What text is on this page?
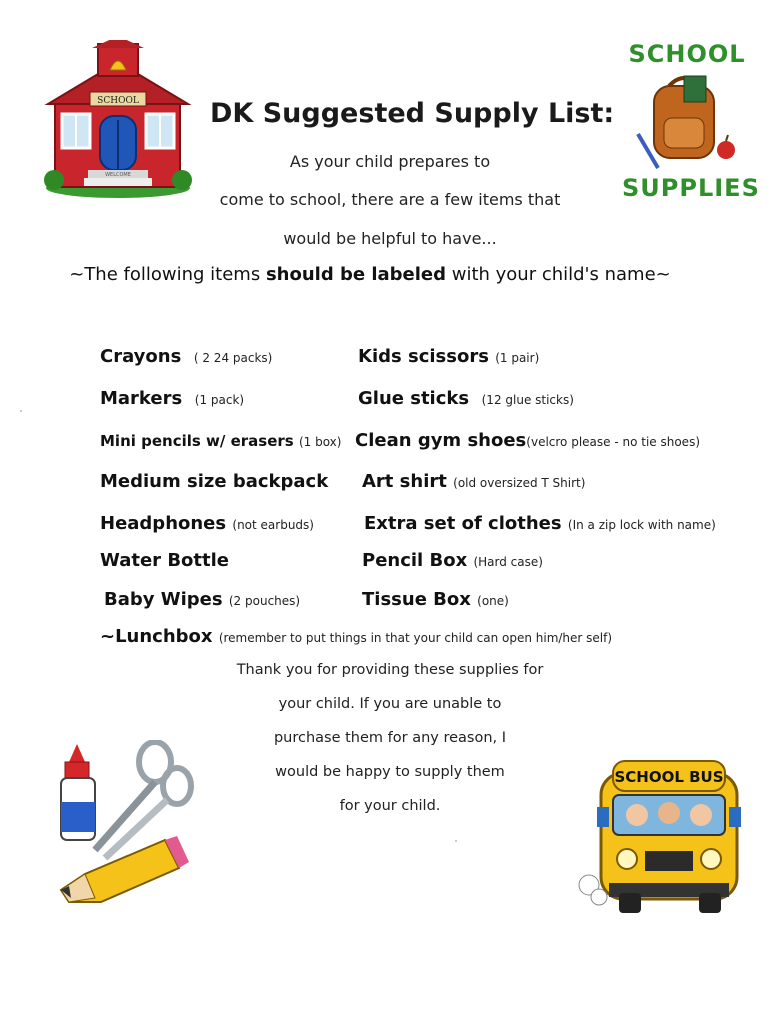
SCHOOL
WELCOME
SCHOOL
SUPPLIES
DK Suggested Supply List:
As your child prepares to
come to school, there are a few items that
would be helpful to have...
~The following items should be labeled with your child's name~
Crayons ( 2 24 packs)
Markers (1 pack)
Mini pencils w/ erasers (1 box)
Medium size backpack
Headphones (not earbuds)
Water Bottle
Baby Wipes (2 pouches)
Kids scissors (1 pair)
Glue sticks (12 glue sticks)
Clean gym shoes(velcro please - no tie shoes)
Art shirt (old oversized T Shirt)
Extra set of clothes (In a zip lock with name)
Pencil Box (Hard case)
Tissue Box (one)
~Lunchbox (remember to put things in that your child can open him/her self)
Thank you for providing these supplies for
your child. If you are unable to
purchase them for any reason, I
would be happy to supply them
for your child.
SCHOOL BUS
